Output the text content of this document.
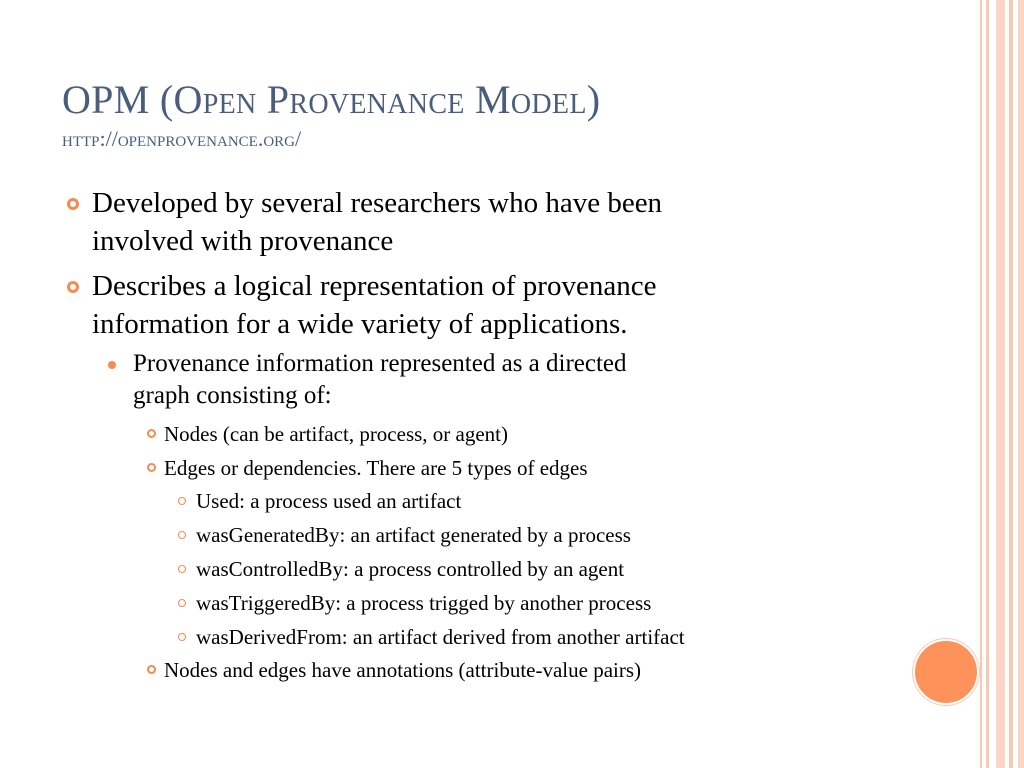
OPM (Open Provenance Model)
http://openprovenance.org/
Developed by several researchers who have been
involved with provenance
Describes a logical representation of provenance
information for a wide variety of applications.
Provenance information represented as a directed
graph consisting of:
Nodes (can be artifact, process, or agent)
Edges or dependencies. There are 5 types of edges
Used: a process used an artifact
wasGeneratedBy: an artifact generated by a process
wasControlledBy: a process controlled by an agent
wasTriggeredBy: a process trigged by another process
wasDerivedFrom: an artifact derived from another artifact
Nodes and edges have annotations (attribute-value pairs)
